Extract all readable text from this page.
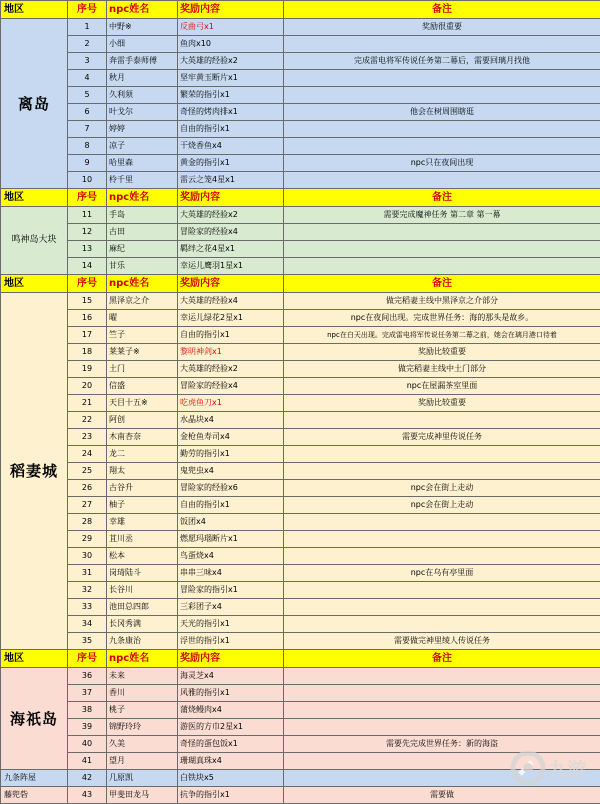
地区	序号	npc姓名	奖励内容	备注
离岛	1	中野※	反曲弓x1	奖励很重要
	2	小细	鱼肉x10	
	3	奔雷手泰师傅	大英雄的经验x2	完成雷电将军传说任务第二幕后，需要回璃月找他
	4	秋月	坚牢黄玉断片x1	
	5	久利须	繁荣的指引x1	
	6	叶戈尔	奇怪的烤肉排x1	他会在树周围瞎逛
	7	婷婷	自由的指引x1	
	8	凉子	干烧香鱼x4	
	9	哈里森	黄金的指引x1	npc只在夜间出现
	10	柃千里	雷云之笼4星x1	
地区	序号	npc姓名	奖励内容	备注
鸣神岛大块	11	手岛	大英雄的经验x2	需要完成魔神任务 第二章 第一幕
	12	古田	冒险家的经验x4	
	13	麻纪	羁绊之花4星x1	
	14	甘乐	幸运儿鹰羽1星x1	
地区	序号	npc姓名	奖励内容	备注
稻妻城	15	黑泽京之介	大英雄的经验x4	做完稻妻主线中黑泽京之介部分
	16	曜	幸运儿绿花2星x1	npc在夜间出现。完成世界任务：海的那头是故乡。
	17	竺子	自由的指引x1	npc在白天出现。完成雷电将军传说任务第二幕之前，她会在璃月港口待着
	18	莱莱子※	黎明神剑x1	奖励比较重要
	19	土门	大英雄的经验x2	做完稻妻主线中土门部分
	20	信盛	冒险家的经验x4	npc在屋漏茶室里面
	21	天目十五※	吃虎鱼刀x1	奖励比较重要
	22	阿创	水晶块x4	
	23	木南杏奈	金枪鱼寿司x4	需要完成神里传说任务
	24	龙二	勤劳的指引x1	
	25	翔太	鬼兜虫x4	
	26	古谷升	冒险家的经验x6	npc会在街上走动
	27	柚子	自由的指引x1	npc会在街上走动
	28	幸雄	饭团x4	
	29	苴川丞	燃愿玛瑙断片x1	
	30	松本	鸟蛋烧x4	
	31	岗琦陆斗	串串三味x4	npc在乌有亭里面
	32	长谷川	冒险家的指引x1	
	33	池田总四郎	三彩团子x4	
	34	长冈秀满	天光的指引x1	
	35	九条康治	浮世的指引x1	需要做完神里绫人传说任务
地区	序号	npc姓名	奖励内容	备注
海祇岛	36	未来	海灵芝x4	
	37	香川	风雅的指引x1	
	38	桃子	蒲烧鳗肉x4	
	39	锦野玲玲	游医的方巾2星x1	
	40	久美	奇怪的蛋包饭x1	需要先完成世界任务：新的海盗
	41	望月	珊瑚真珠x4	
九条阵屋	42	几原凯	白铁块x5	
藤兜砦	43	甲斐田龙马	抗争的指引x1	需要做
九游
